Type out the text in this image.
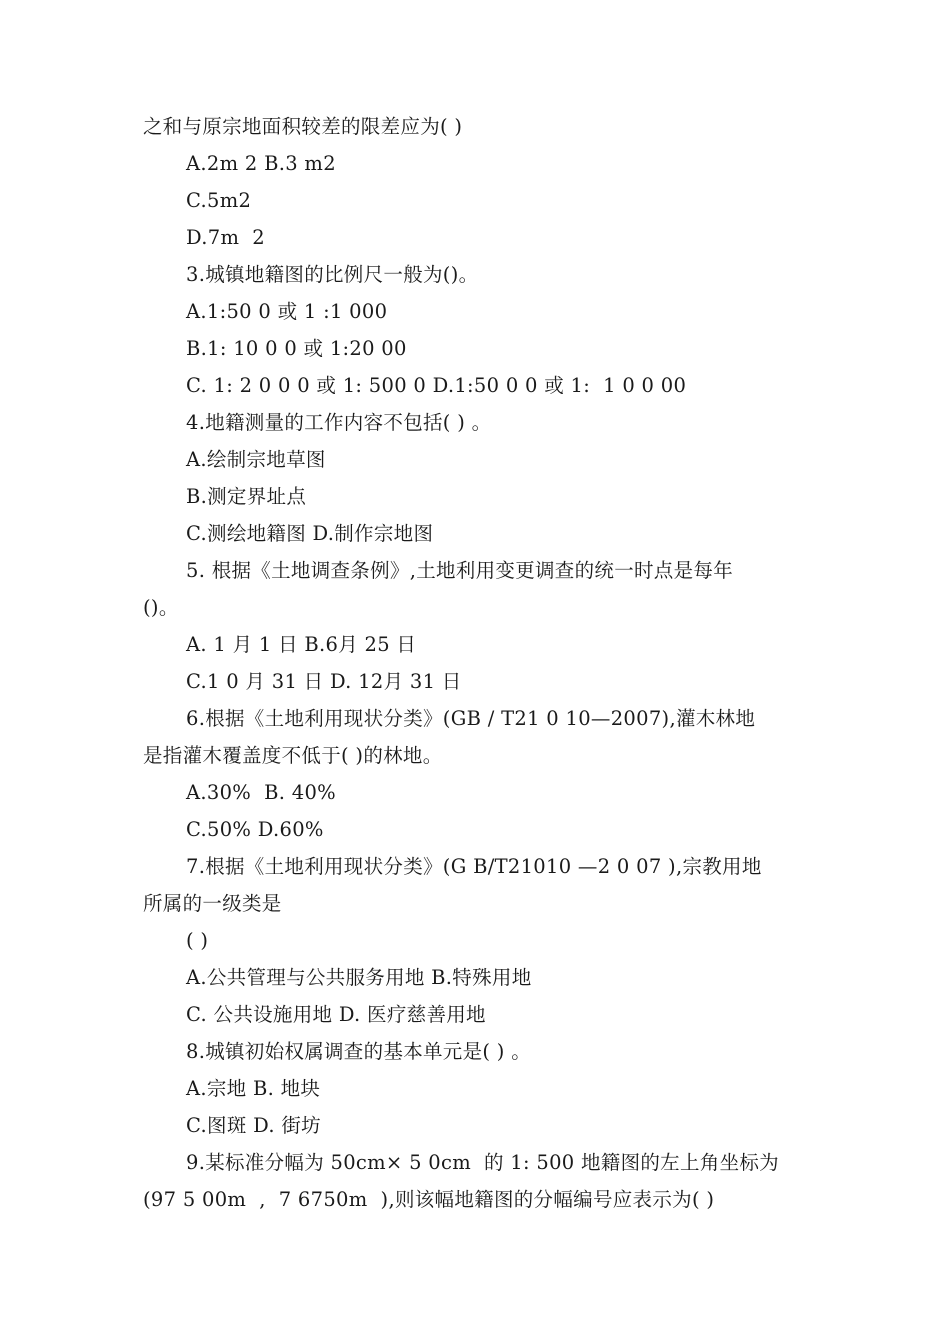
之和与原宗地面积较差的限差应为( )
A.2m 2 B.3 m2
C.5m2
D.7m  2
3.城镇地籍图的比例尺一般为()。
A.1:50 0 或 1 :1 000
B.1: 10 0 0 或 1:20 00
C. 1: 2 0 0 0 或 1: 500 0 D.1:50 0 0 或 1:  1 0 0 00
4.地籍测量的工作内容不包括( ) 。
A.绘制宗地草图
B.测定界址点
C.测绘地籍图 D.制作宗地图
5. 根据《土地调查条例》,土地利用变更调查的统一时点是每年
()。
A. 1 月 1 日 B.6月 25 日
C.1 0 月 31 日 D. 12月 31 日
6.根据《土地利用现状分类》(GB / T21 0 10—2007),灌木林地
是指灌木覆盖度不低于( )的林地。
A.30%  B. 40%
C.50% D.60%
7.根据《土地利用现状分类》(G B/T21010 —2 0 07 ),宗教用地
所属的一级类是
( )
A.公共管理与公共服务用地 B.特殊用地
C. 公共设施用地 D. 医疗慈善用地
8.城镇初始权属调查的基本单元是( ) 。
A.宗地 B. 地块
C.图斑 D. 街坊
9.某标准分幅为 50cm× 5 0cm  的 1: 500 地籍图的左上角坐标为
(97 5 00m  ,  7 6750m  ),则该幅地籍图的分幅编号应表示为( )
